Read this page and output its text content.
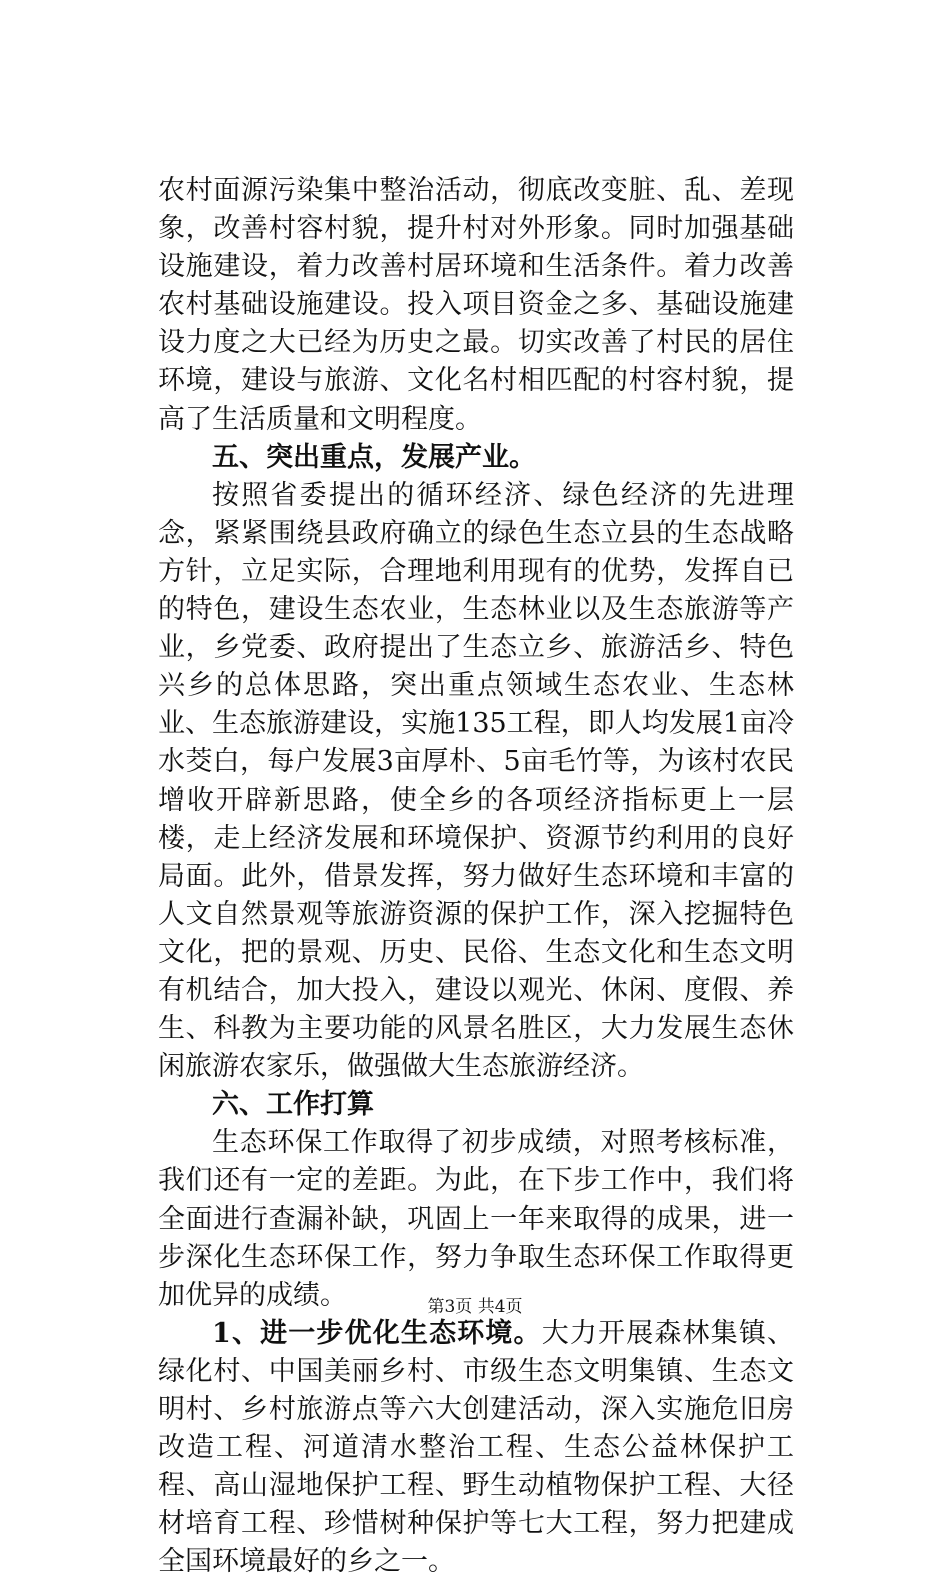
农村面源污染集中整治活动，彻底改变脏、乱、差现象，改善村容村貌，提升村对外形象。同时加强基础设施建设，着力改善村居环境和生活条件。着力改善农村基础设施建设。投入项目资金之多、基础设施建设力度之大已经为历史之最。切实改善了村民的居住环境，建设与旅游、文化名村相匹配的村容村貌，提高了生活质量和文明程度。

五、突出重点，发展产业。

按照省委提出的循环经济、绿色经济的先进理念，紧紧围绕县政府确立的绿色生态立县的生态战略方针，立足实际，合理地利用现有的优势，发挥自已的特色，建设生态农业，生态林业以及生态旅游等产业，乡党委、政府提出了生态立乡、旅游活乡、特色兴乡的总体思路，突出重点领域生态农业、生态林业、生态旅游建设，实施135工程，即人均发展1亩冷水茭白，每户发展3亩厚朴、5亩毛竹等，为该村农民增收开辟新思路，使全乡的各项经济指标更上一层楼，走上经济发展和环境保护、资源节约利用的良好局面。此外，借景发挥，努力做好生态环境和丰富的人文自然景观等旅游资源的保护工作，深入挖掘特色文化，把的景观、历史、民俗、生态文化和生态文明有机结合，加大投入，建设以观光、休闲、度假、养生、科教为主要功能的风景名胜区，大力发展生态休闲旅游农家乐，做强做大生态旅游经济。

六、工作打算

生态环保工作取得了初步成绩，对照考核标准，我们还有一定的差距。为此，在下步工作中，我们将全面进行查漏补缺，巩固上一年来取得的成果，进一步深化生态环保工作，努力争取生态环保工作取得更加优异的成绩。

1、进一步优化生态环境。大力开展森林集镇、绿化村、中国美丽乡村、市级生态文明集镇、生态文明村、乡村旅游点等六大创建活动，深入实施危旧房改造工程、河道清水整治工程、生态公益林保护工程、高山湿地保护工程、野生动植物保护工程、大径材培育工程、珍惜树种保护等七大工程，努力把建成全国环境最好的乡之一。

第3页 共4页
